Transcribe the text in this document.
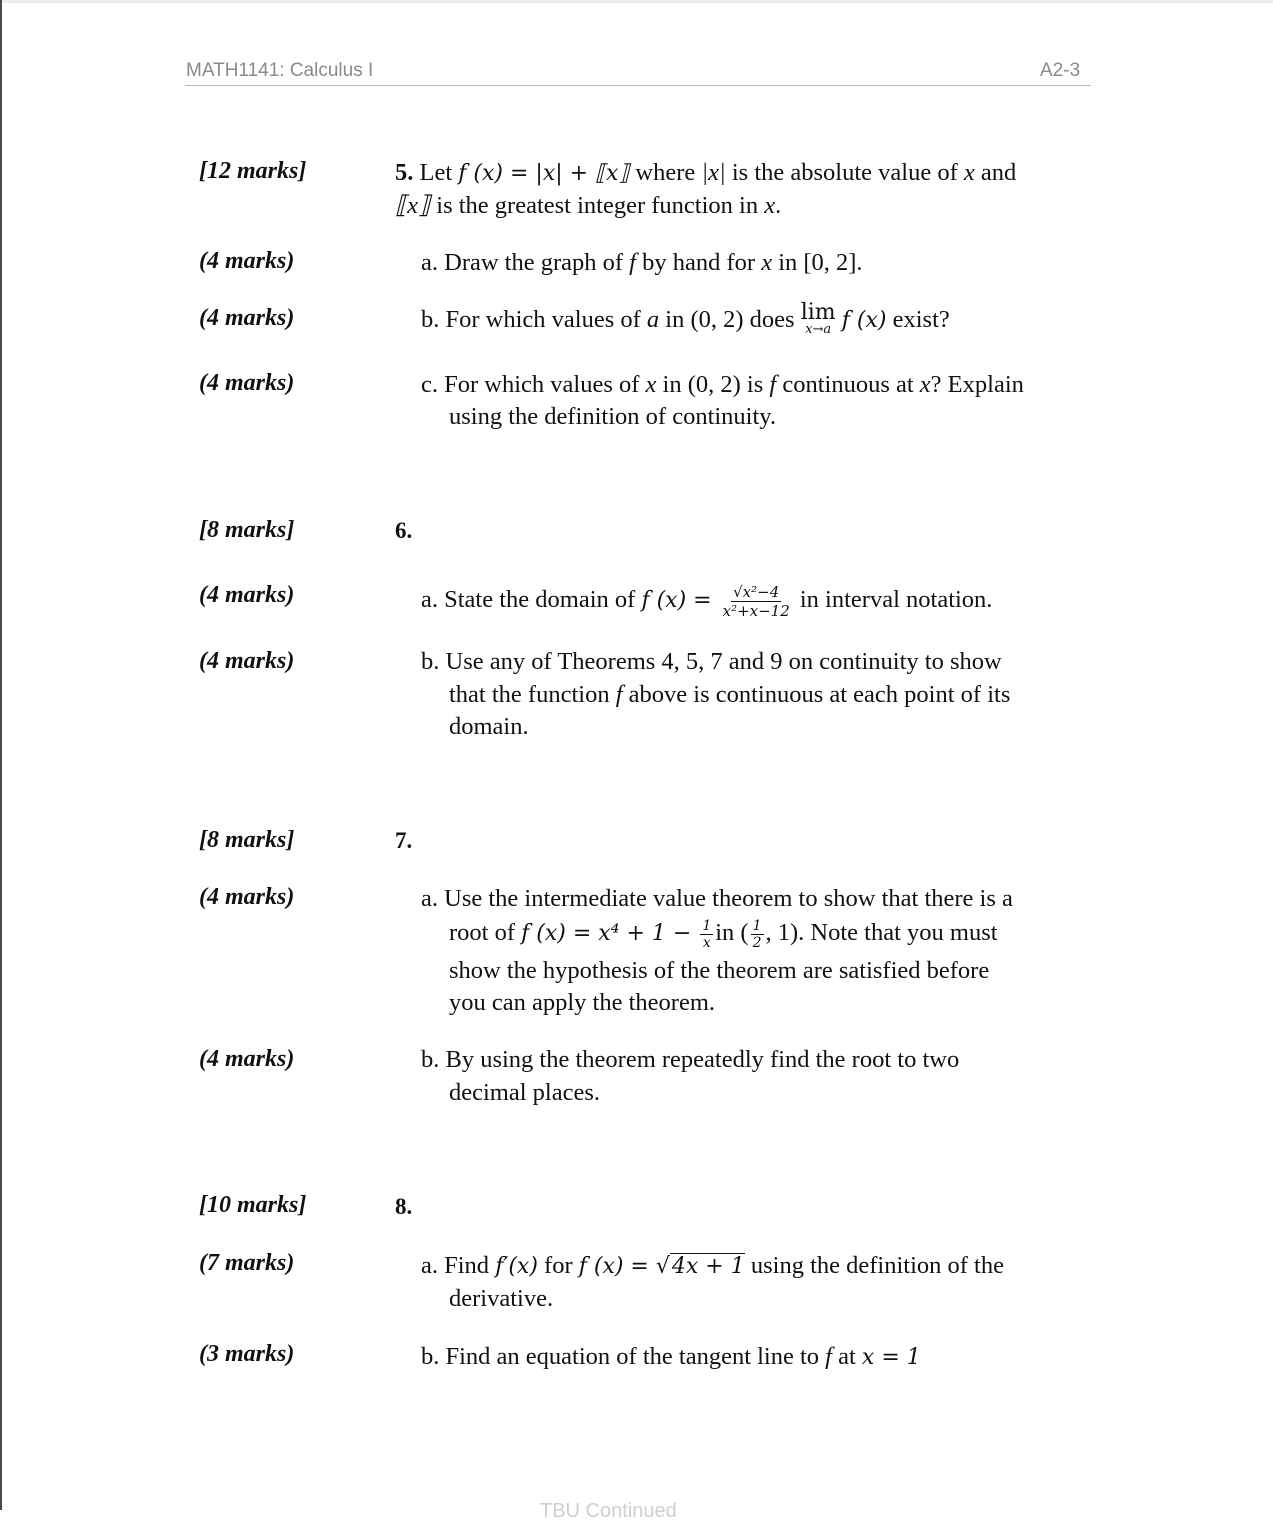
MATH1141: Calculus I	A2-3
[12 marks]	5. Let f (x) = |x| + ⟦x⟧ where |x| is the absolute value of x and
⟦x⟧ is the greatest integer function in x.
(4 marks)	a. Draw the graph of f by hand for x in [0, 2].
(4 marks)	b. For which values of a in (0, 2) does lim
x→a f (x) exist?
(4 marks)	c. For which values of x in (0, 2) is f continuous at x? Explain
using the definition of continuity.
[8 marks]	6.
(4 marks)	a. State the domain of f $(x) = \frac{\text{√x²−4}}{\text{x²+x−12}}$ in interval notation.
(4 marks)	b. Use any of Theorems 4, 5, 7 and 9 on continuity to show
that the function f above is continuous at each point of its
domain.
[8 marks]	7.
(4 marks)	a. Use the intermediate value theorem to show that there is a
root of f $(x) = x^4 + 1 - \frac{1}{x}$ in ( $\frac{1}{2}$ , 1). Note that you must
show the hypothesis of the theorem are satisfied before
you can apply the theorem.
(4 marks)	b. By using the theorem repeatedly find the root to two
decimal places.
[10 marks]	8.
(7 marks)	a. Find f′(x) for f (x) = √4x + 1 using the definition of the
derivative.
(3 marks)	b. Find an equation of the tangent line to f at x = 1
TBU Continued
